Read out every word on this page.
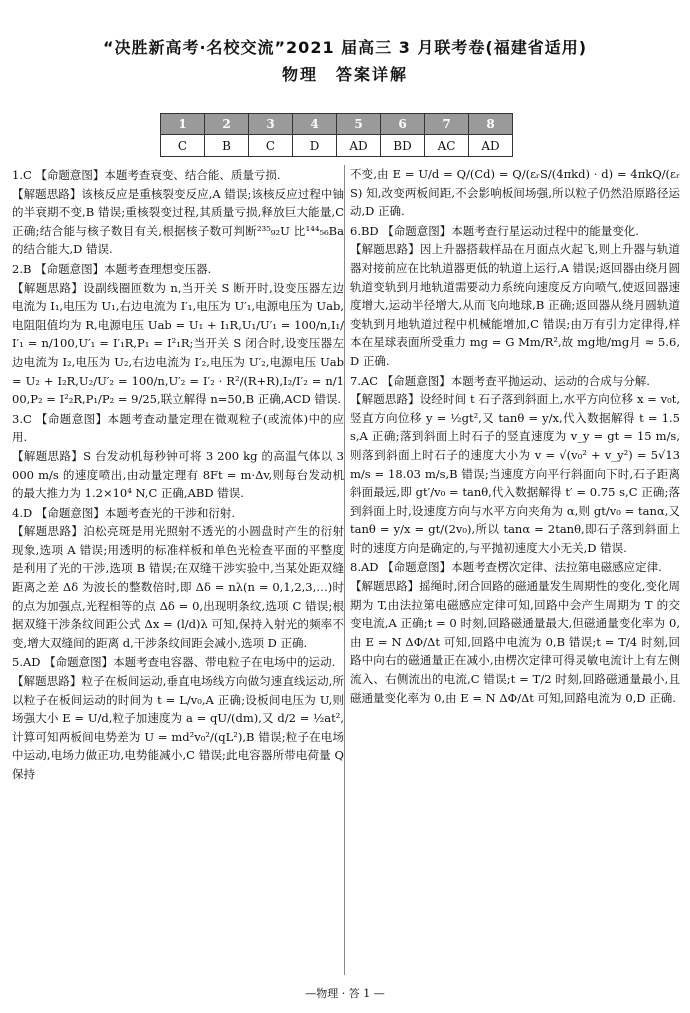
“决胜新高考·名校交流”2021 届高三 3 月联考卷(福建省适用)
物理　答案详解
1	2	3	4	5	6	7	8
C	B	C	D	AD	BD	AC	AD

1.C 【命题意图】本题考查衰变、结合能、质量亏损.

【解题思路】该核反应是重核裂变反应,A 错误;该核反应过程中铀的半衰期不变,B 错误;重核裂变过程,其质量亏损,释放巨大能量,C 正确;结合能与核子数目有关,根据核子数可判断²³⁵₉₂U 比¹⁴⁴₅₆Ba 的结合能大,D 错误.

2.B 【命题意图】本题考查理想变压器.

【解题思路】设副线圈匝数为 n,当开关 S 断开时,设变压器左边电流为 I₁,电压为 U₁,右边电流为 I′₁,电压为 U′₁,电源电压为 Uab,电阻阻值均为 R,电源电压 Uab = U₁ + I₁R,U₁/U′₁ = 100/n,I₁/I′₁ = n/100,U′₁ = I′₁R,P₁ = I²₁R;当开关 S 闭合时,设变压器左边电流为 I₂,电压为 U₂,右边电流为 I′₂,电压为 U′₂,电源电压 Uab = U₂ + I₂R,U₂/U′₂ = 100/n,U′₂ = I′₂ · R²/(R+R),I₂/I′₂ = n/100,P₂ = I²₂R,P₁/P₂ = 9/25,联立解得 n=50,B 正确,ACD 错误.

3.C 【命题意图】本题考查动量定理在微观粒子(或流体)中的应用.

【解题思路】S 台发动机每秒钟可将 3 200 kg 的高温气体以 3 000 m/s 的速度喷出,由动量定理有 8Ft = m·Δv,则每台发动机的最大推力为 1.2×10⁴ N,C 正确,ABD 错误.

4.D 【命题意图】本题考查光的干涉和衍射.

【解题思路】泊松亮斑是用光照射不透光的小圆盘时产生的衍射现象,选项 A 错误;用透明的标准样板和单色光检查平面的平整度是利用了光的干涉,选项 B 错误;在双缝干涉实验中,当某处距双缝距离之差 Δδ 为波长的整数倍时,即 Δδ = nλ(n = 0,1,2,3,…)时的点为加强点,光程相等的点 Δδ = 0,出现明条纹,选项 C 错误;根据双缝干涉条纹间距公式 Δx = (l/d)λ 可知,保持入射光的频率不变,增大双缝间的距离 d,干涉条纹间距会减小,选项 D 正确.

5.AD 【命题意图】本题考查电容器、带电粒子在电场中的运动.

【解题思路】粒子在板间运动,垂直电场线方向做匀速直线运动,所以粒子在板间运动的时间为 t = L/v₀,A 正确;设板间电压为 U,则场强大小 E = U/d,粒子加速度为 a = qU/(dm),又 d/2 = ½at²,计算可知两板间电势差为 U = md²v₀²/(qL²),B 错误;粒子在电场中运动,电场力做正功,电势能减小,C 错误;此电容器所带电荷量 Q 保持

不变,由 E = U/d = Q/(Cd) = Q/(εᵣS/(4πkd) · d) = 4πkQ/(εᵣS) 知,改变两板间距,不会影响板间场强,所以粒子仍然沿原路径运动,D 正确.

6.BD 【命题意图】本题考查行星运动过程中的能量变化.

【解题思路】因上升器搭载样品在月面点火起飞,则上升器与轨道器对接前应在比轨道器更低的轨道上运行,A 错误;返回器由绕月圆轨道变轨到月地轨道需要动力系统向速度反方向喷气,使返回器速度增大,运动半径增大,从而飞向地球,B 正确;返回器从绕月圆轨道变轨到月地轨道过程中机械能增加,C 错误;由万有引力定律得,样本在星球表面所受重力 mg = G Mm/R²,故 mg地/mg月 ≈ 5.6,D 正确.

7.AC 【命题意图】本题考查平抛运动、运动的合成与分解.

【解题思路】设经时间 t 石子落到斜面上,水平方向位移 x = v₀t,竖直方向位移 y = ½gt²,又 tanθ = y/x,代入数据解得 t = 1.5 s,A 正确;落到斜面上时石子的竖直速度为 v_y = gt = 15 m/s,则落到斜面上时石子的速度大小为 v = √(v₀² + v_y²) = 5√13 m/s = 18.03 m/s,B 错误;当速度方向平行斜面向下时,石子距离斜面最远,即 gt′/v₀ = tanθ,代入数据解得 t′ = 0.75 s,C 正确;落到斜面上时,设速度方向与水平方向夹角为 α,则 gt/v₀ = tanα,又 tanθ = y/x = gt/(2v₀),所以 tanα = 2tanθ,即石子落到斜面上时的速度方向是确定的,与平抛初速度大小无关,D 错误.

8.AD 【命题意图】本题考查楞次定律、法拉第电磁感应定律.

【解题思路】摇绳时,闭合回路的磁通量发生周期性的变化,变化周期为 T,由法拉第电磁感应定律可知,回路中会产生周期为 T 的交变电流,A 正确;t = 0 时刻,回路磁通量最大,但磁通量变化率为 0,由 E = N ΔΦ/Δt 可知,回路中电流为 0,B 错误;t = T/4 时刻,回路中向右的磁通量正在减小,由楞次定律可得灵敏电流计上有左侧流入、右侧流出的电流,C 错误;t = T/2 时刻,回路磁通量最小,且磁通量变化率为 0,由 E = N ΔΦ/Δt 可知,回路电流为 0,D 正确.

—物理 · 答 1 —
